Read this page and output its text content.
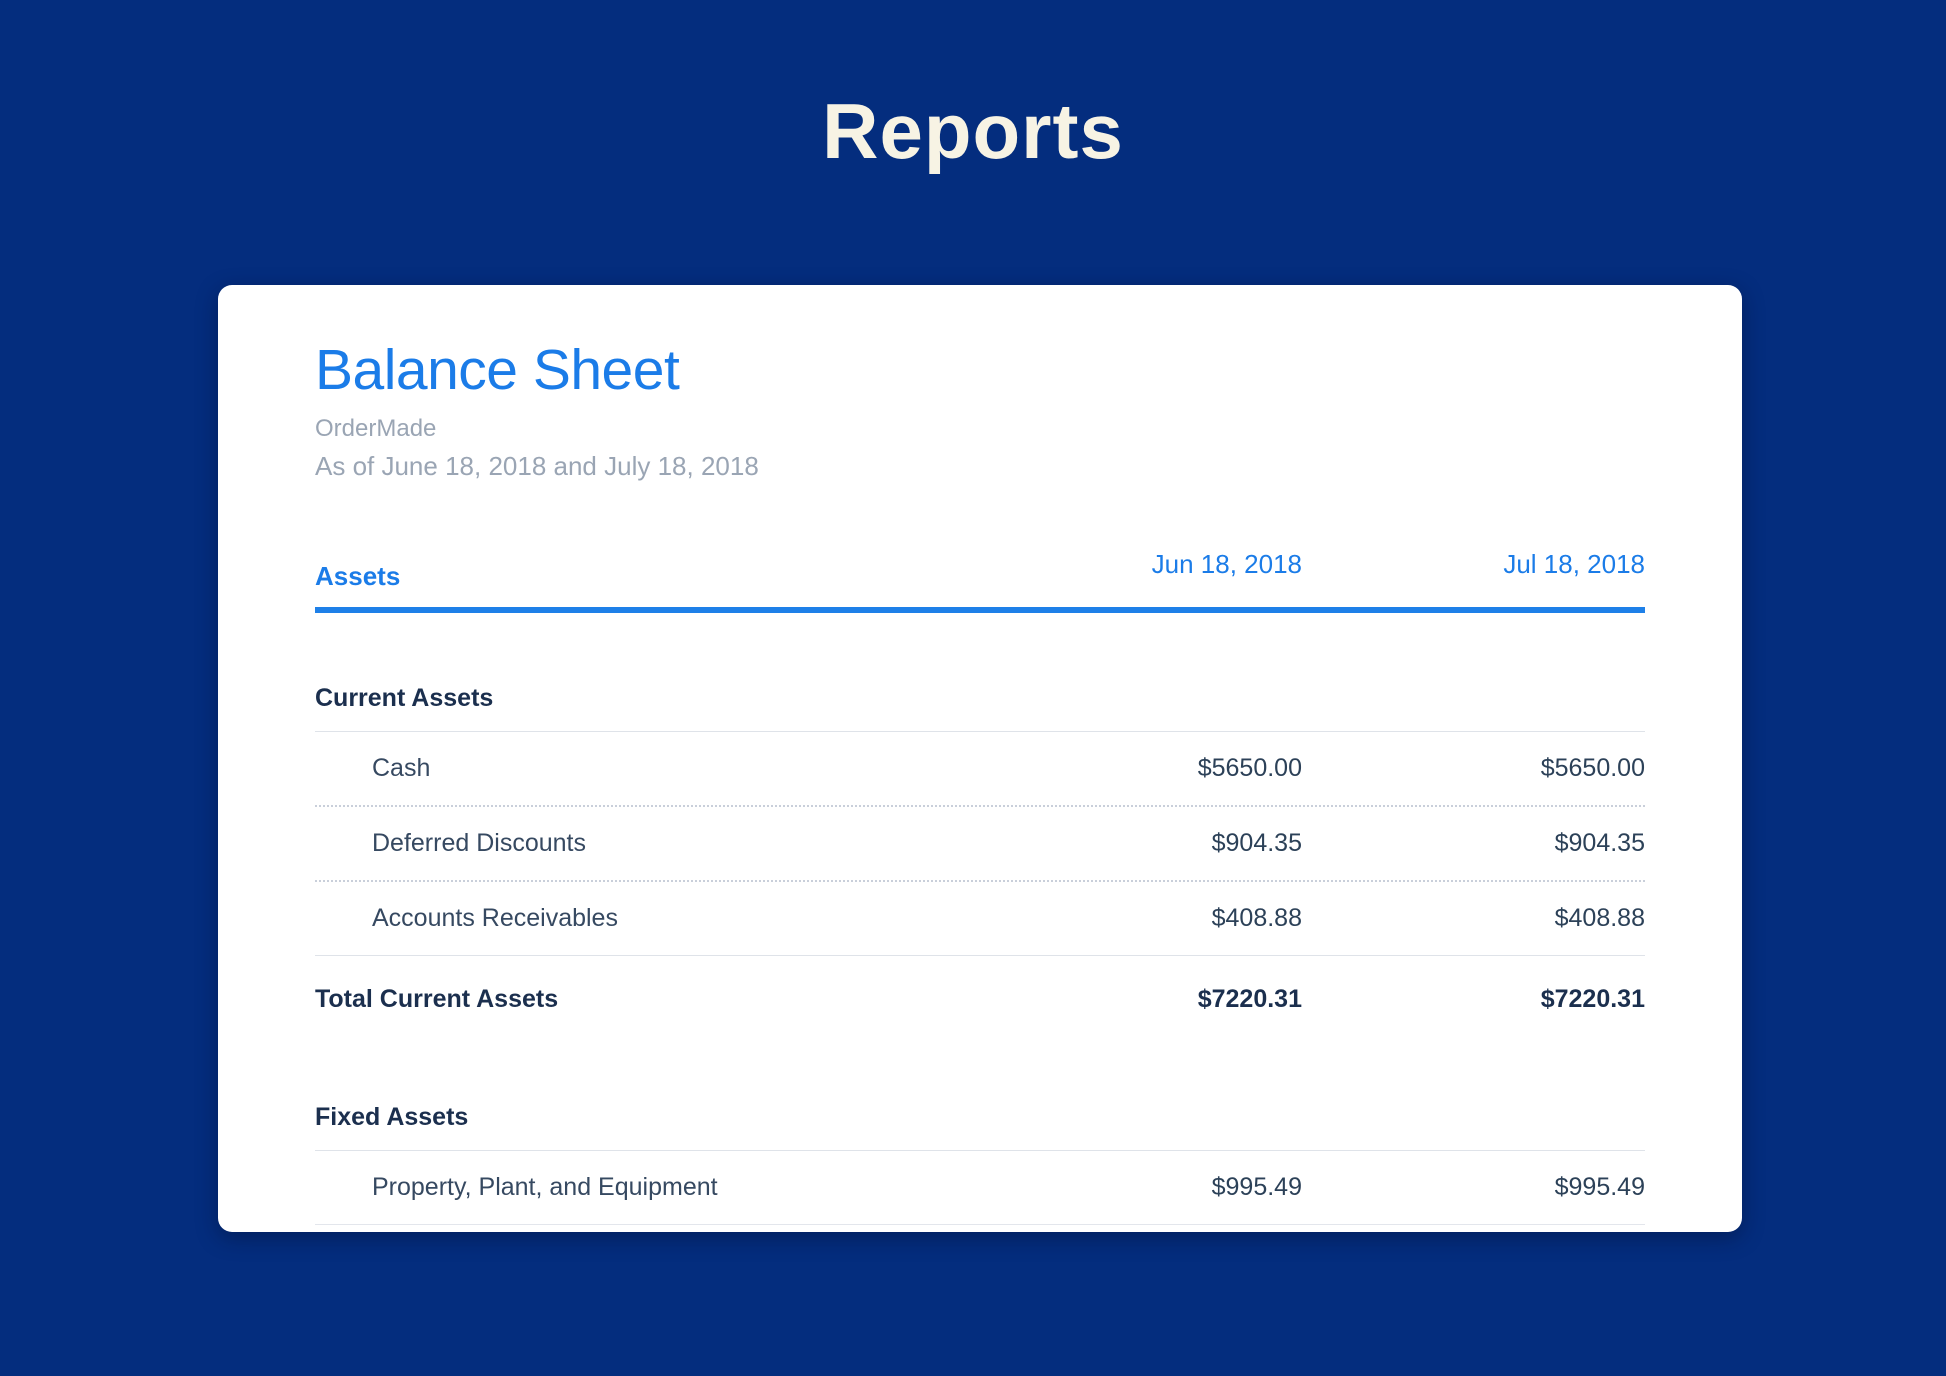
Reports
Balance Sheet

OrderMade

As of June 18, 2018 and July 18, 2018

Assets	Jun 18, 2018	Jul 18, 2018
Current Assets
Cash	$5650.00	$5650.00
Deferred Discounts	$904.35	$904.35
Accounts Receivables	$408.88	$408.88
Total Current Assets	$7220.31	$7220.31
Fixed Assets
Property, Plant, and Equipment	$995.49	$995.49
